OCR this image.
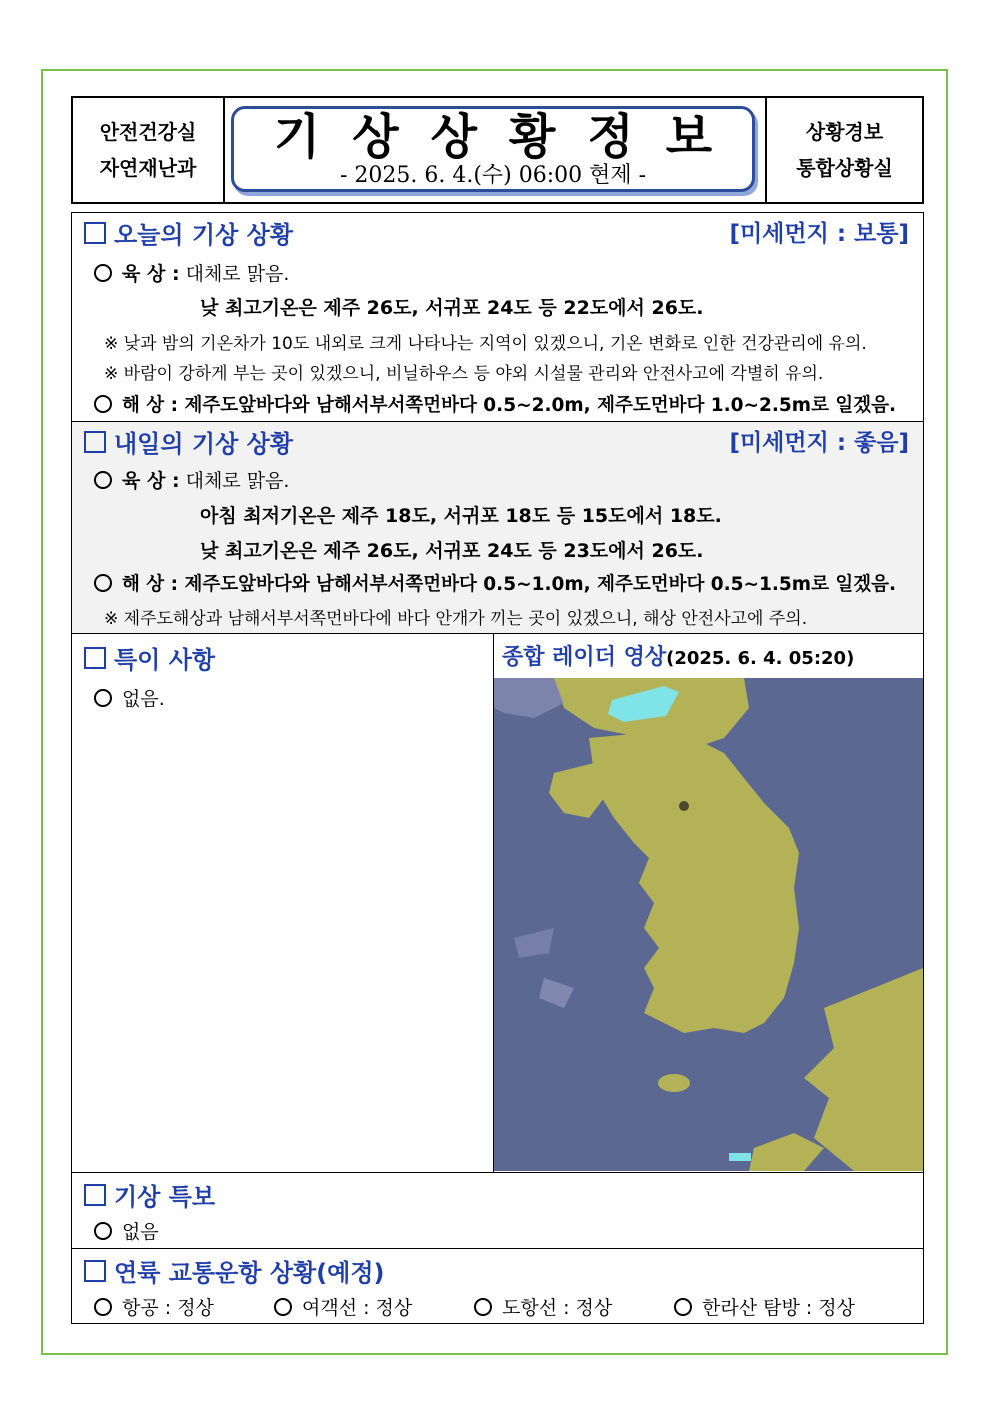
안전건강실
자연재난과
기상상황정보
- 2025. 6. 4.(수) 06:00 현제 -
상황경보
통합상황실
오늘의 기상 상황	[미세먼지 : 보통]
육 상 : 대체로 맑음.
낮 최고기온은 제주 26도, 서귀포 24도 등 22도에서 26도.
※ 낮과 밤의 기온차가 10도 내외로 크게 나타나는 지역이 있겠으니, 기온 변화로 인한 건강관리에 유의.
※ 바람이 강하게 부는 곳이 있겠으니, 비닐하우스 등 야외 시설물 관리와 안전사고에 각별히 유의.
해 상 : 제주도앞바다와 남해서부서쪽먼바다 0.5~2.0m, 제주도먼바다 1.0~2.5m로 일겠음.
내일의 기상 상황	[미세먼지 : 좋음]
육 상 : 대체로 맑음.
아침 최저기온은 제주 18도, 서귀포 18도 등 15도에서 18도.
낮 최고기온은 제주 26도, 서귀포 24도 등 23도에서 26도.
해 상 : 제주도앞바다와 남해서부서쪽먼바다 0.5~1.0m, 제주도먼바다 0.5~1.5m로 일겠음.
※ 제주도해상과 남해서부서쪽먼바다에 바다 안개가 끼는 곳이 있겠으니, 해상 안전사고에 주의.
특이 사항
없음.
종합 레이더 영상(2025. 6. 4. 05:20)
기상 특보
없음
연륙 교통운항 상황(예정)
항공 : 정상	여객선 : 정상	도항선 : 정상	한라산 탐방 : 정상
